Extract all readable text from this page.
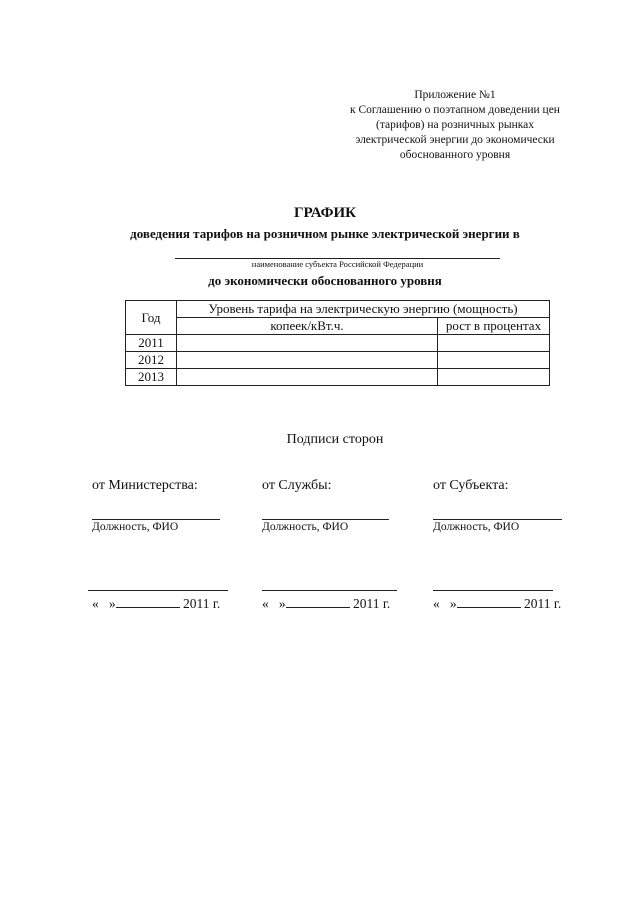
Приложение №1
к Соглашению о поэтапном доведении цен
(тарифов) на розничных рынках
электрической энергии до экономически
обоснованного уровня
ГРАФИК
доведения тарифов на розничном рынке электрической энергии в
наименование субъекта Российской Федерации
до экономически обоснованного уровня
Год	Уровень тарифа на электрическую энергию (мощность)	
	копеек/кВт.ч.	рост в процентах
2011		
2012		
2013		
Подписи сторон
от Министерства:
Должность, ФИО
« »	2011 г.
от Службы:
Должность, ФИО
« »	2011 г.
от Субъекта:
Должность, ФИО
« »	2011 г.
